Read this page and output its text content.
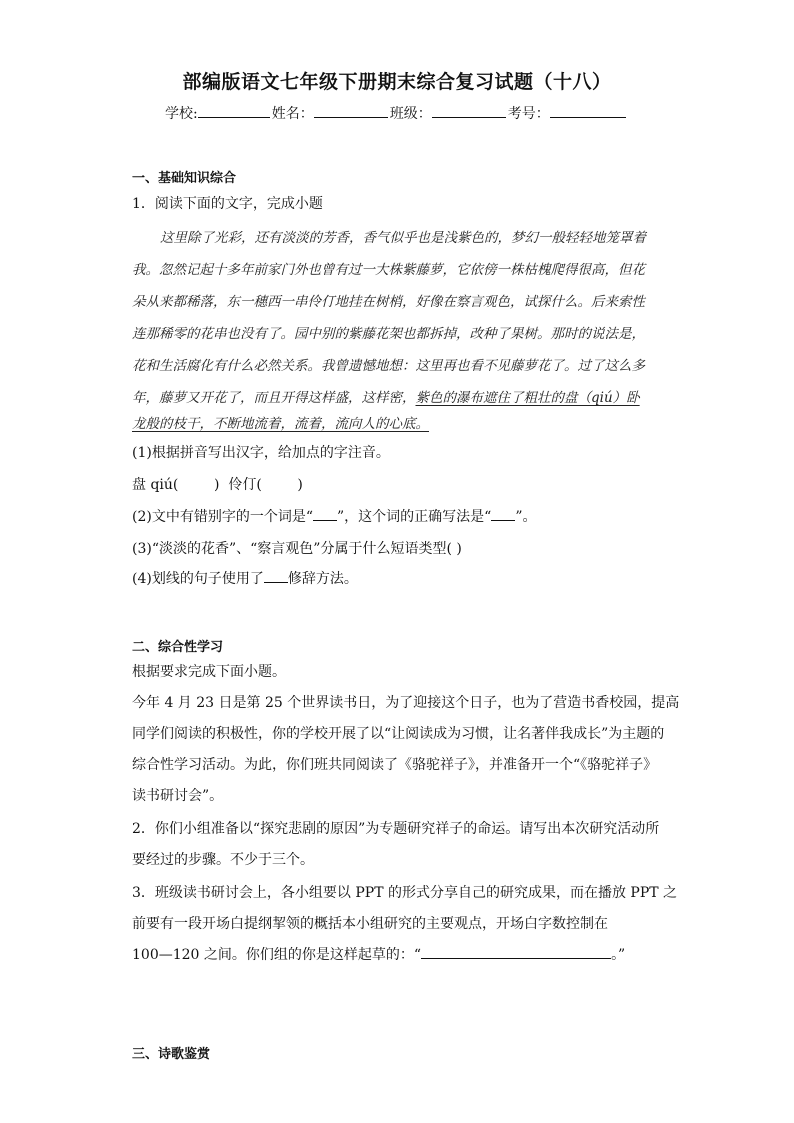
部编版语文七年级下册期末综合复习试题（十八）
学校:	姓名：	班级：	考号：
一、基础知识综合
1．阅读下面的文字，完成小题
这里除了光彩，还有淡淡的芳香，香气似乎也是浅紫色的，梦幻一般轻轻地笼罩着
我。忽然记起十多年前家门外也曾有过一大株紫藤萝，它依傍一株枯槐爬得很高，但花
朵从来都稀落，东一穗西一串伶仃地挂在树梢，好像在察言观色，试探什么。后来索性
连那稀零的花串也没有了。园中别的紫藤花架也都拆掉，改种了果树。那时的说法是，
花和生活腐化有什么必然关系。我曾遗憾地想：这里再也看不见藤萝花了。过了这么多
年，藤萝又开花了，而且开得这样盛，这样密，紫色的瀑布遮住了粗壮的盘（qiú）卧
龙般的枝干，不断地流着，流着，流向人的心底。
(1)根据拼音写出汉字，给加点的字注音。
盘 qiú(        )  伶仃(        )
(2)文中有错别字的一个词是“ ”，这个词的正确写法是“ ”。
(3)“淡淡的花香”、“察言观色”分属于什么短语类型( )
(4)划线的句子使用了 修辞方法。
二、综合性学习
根据要求完成下面小题。
今年 4 月 23 日是第 25 个世界读书日，为了迎接这个日子，也为了营造书香校园，提高
同学们阅读的积极性，你的学校开展了以“让阅读成为习惯，让名著伴我成长”为主题的
综合性学习活动。为此，你们班共同阅读了《骆驼祥子》，并准备开一个“《骆驼祥子》
读书研讨会”。
2．你们小组准备以“探究悲剧的原因”为专题研究祥子的命运。请写出本次研究活动所
要经过的步骤。不少于三个。
3．班级读书研讨会上，各小组要以 PPT 的形式分享自己的研究成果，而在播放 PPT 之
前要有一段开场白提纲挈领的概括本小组研究的主要观点，开场白字数控制在
100—120 之间。你们组的你是这样起草的：“	。”
三、诗歌鉴赏
